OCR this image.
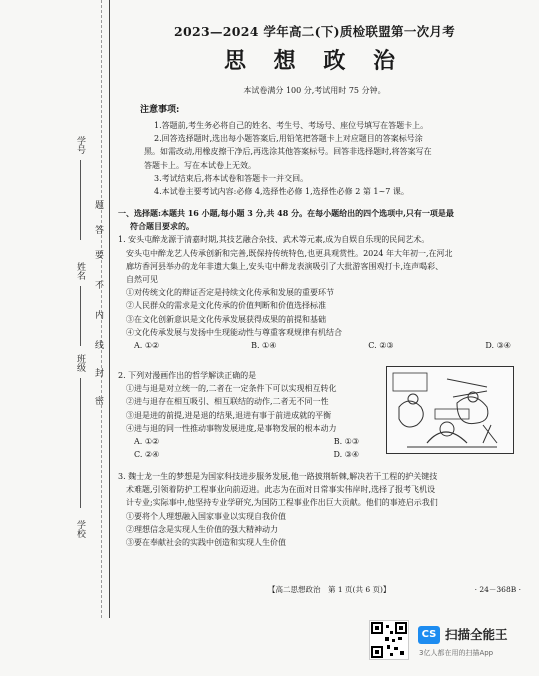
学号
姓名
班级
学校
题
答
要
不
内
线
封
密
2023—2024 学年高二(下)质检联盟第一次月考
思 想 政 治
本试卷满分 100 分,考试用时 75 分钟。
注意事项:

1.答题前,考生务必将自己的姓名、考生号、考场号、座位号填写在答题卡上。

2.回答选择题时,选出每小题答案后,用铅笔把答题卡上对应题目的答案标号涂

黑。如需改动,用橡皮擦干净后,再选涂其他答案标号。回答非选择题时,将答案写在

答题卡上。写在本试卷上无效。

3.考试结束后,将本试卷和答题卡一并交回。

4.本试卷主要考试内容:必修 4,选择性必修 1,选择性必修 2 第 1~7 课。

一、选择题:本题共 16 小题,每小题 3 分,共 48 分。在每小题给出的四个选项中,只有一项是最

符合题目要求的。

1. 安头屯醉龙源于清嘉时期,其技艺融合杂技、武术等元素,成为自娱自乐现的民间艺术。

安头屯中醉龙艺人传承创新和完善,既保持传统特色,也更具观赏性。2024 年大年初一,在河北

廊坊香河县举办的龙年非遗大集上,安头屯中醉龙表演吸引了大批游客围观打卡,连声喝彩、

自然可见

①对传统文化的辩证否定是持续文化传承和发展的重要环节

②人民群众的需求是文化传承的价值判断和价值选择标准

③在文化创新意识是文化传承发展获得成果的前提和基础

④文化传承发展与发扬中生现能动性与尊重客观规律有机结合

A. ①②	B. ①④	C. ②③	D. ③④

2. 下列对漫画作出的哲学解读正确的是

①进与退是对立统一的,二者在一定条件下可以实现相互转化

②进与退存在相互吸引、相互联结的动作,二者无不同一性

③退是进的前提,进是退的结果,退进有事于前进成就的平衡

④进与退的同一性推动事物发展进度,是事物发展的根本动力

A. ①②	B. ①③
C. ②④	D. ③④

3. 魏士龙一生的梦想是为国家科技进步服务发展,他一路披荆斩棘,解决若干工程的护关键技

术难题,引领着防护工程事业向前迈进。此志为在面对日常事实伟岸时,选择了报考飞机设

计专业;实际事中,他坚持专业学研究,为国防工程事业作出巨大贡献。他们的事迹启示我们

①要将个人理想融入国家事业以实现自我价值

②理想信念是实现人生价值的强大精神动力

③要在奉献社会的实践中创造和实现人生价值

【高二思想政治　第 1 页(共 6 页)】	· 24－368B ·
CS 扫描全能王
3亿人都在用的扫描App
